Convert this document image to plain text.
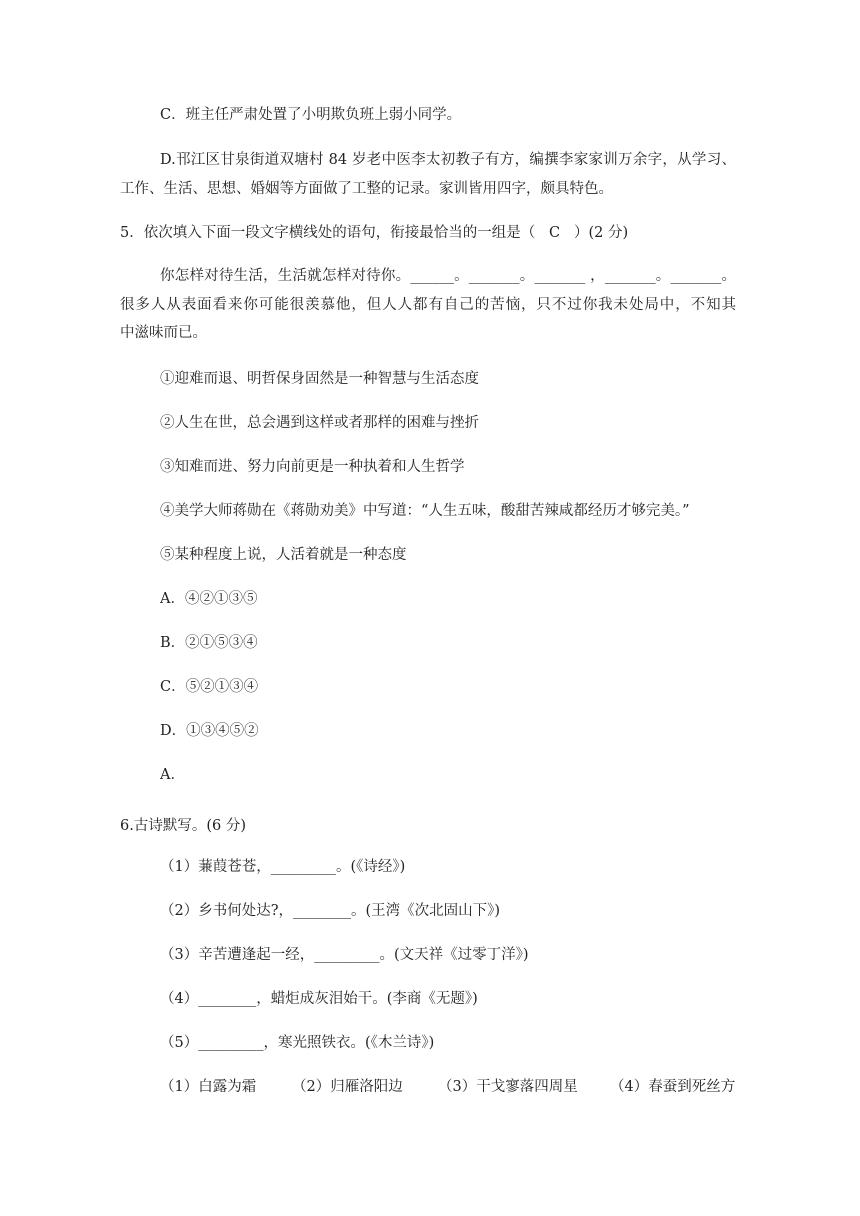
C．班主任严肃处置了小明欺负班上弱小同学。
D.邗江区甘泉街道双塘村 84 岁老中医李太初教子有方，编撰李家家训万余字，从学习、
工作、生活、思想、婚姻等方面做了工整的记录。家训皆用四字，颇具特色。
5．依次填入下面一段文字横线处的语句，衔接最恰当的一组是（   C   ）(2 分)
你怎样对待生活，生活就怎样对待你。______。_______。_______ ，_______。_______。
很多人从表面看来你可能很羡慕他，但人人都有自己的苦恼，只不过你我未处局中，不知其
中滋味而已。
①迎难而退、明哲保身固然是一种智慧与生活态度
②人生在世，总会遇到这样或者那样的困难与挫折
③知难而进、努力向前更是一种执着和人生哲学
④美学大师蒋勋在《蒋勋劝美》中写道：“人生五味，酸甜苦辣咸都经历才够完美。”
⑤某种程度上说，人活着就是一种态度
A．④②①③⑤
B．②①⑤③④
C．⑤②①③④
D．①③④⑤②
A．
6.古诗默写。(6 分)
（1）蒹葭苍苍，_________。(《诗经》)
（2）乡书何处达?，________。(王湾《次北固山下》)
（3）辛苦遭逢起一经，_________。(文天祥《过零丁洋》)
（4）________，蜡炬成灰泪始干。(李商《无题》)
（5）_________，寒光照铁衣。(《木兰诗》)

（1）白露为霜

（2）归雁洛阳边

（3）干戈寥落四周星

（4）春蚕到死丝方
